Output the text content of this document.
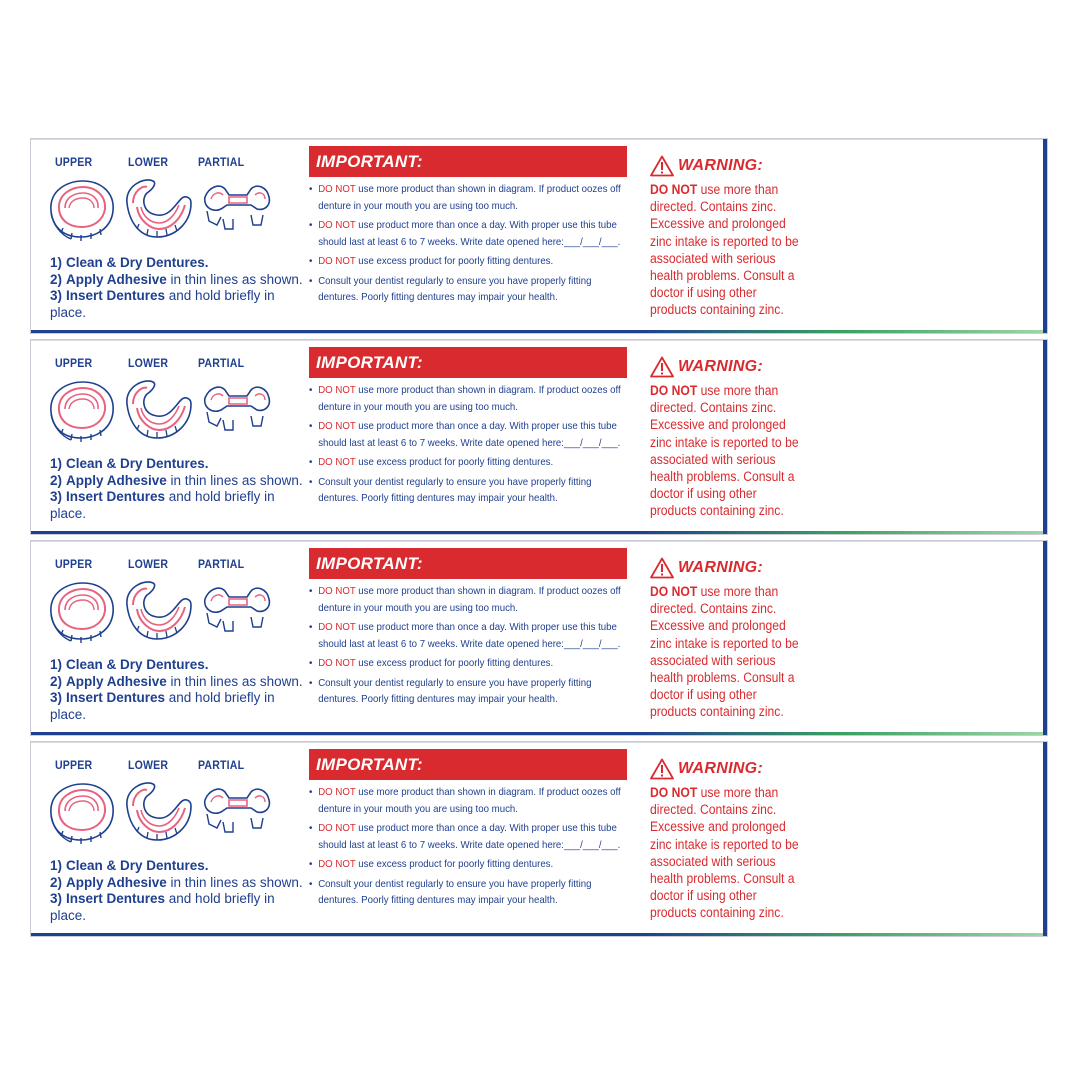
UPPER	LOWER PARTIAL
1) Clean & Dry Dentures.
2) Apply Adhesive in thin lines as shown.
3) Insert Dentures and hold briefly in
place.
IMPORTANT:
• DO NOT use more product than shown in diagram. If product oozes off denture in your mouth you are using too much.
• DO NOT use product more than once a day. With proper use this tube should last at least 6 to 7 weeks. Write date opened here:___/___/___.
• DO NOT use excess product for poorly fitting dentures.
• Consult your dentist regularly to ensure you have properly fitting dentures. Poorly fitting dentures may impair your health.
WARNING:
DO NOT use more than directed. Contains zinc. Excessive and prolonged zinc intake is reported to be associated with serious health problems. Consult a doctor if using other products containing zinc.
UPPER	LOWER PARTIAL
1) Clean & Dry Dentures.
2) Apply Adhesive in thin lines as shown.
3) Insert Dentures and hold briefly in
place.
IMPORTANT:
• DO NOT use more product than shown in diagram. If product oozes off denture in your mouth you are using too much.
• DO NOT use product more than once a day. With proper use this tube should last at least 6 to 7 weeks. Write date opened here:___/___/___.
• DO NOT use excess product for poorly fitting dentures.
• Consult your dentist regularly to ensure you have properly fitting dentures. Poorly fitting dentures may impair your health.
WARNING:
DO NOT use more than directed. Contains zinc. Excessive and prolonged zinc intake is reported to be associated with serious health problems. Consult a doctor if using other products containing zinc.
UPPER	LOWER PARTIAL
1) Clean & Dry Dentures.
2) Apply Adhesive in thin lines as shown.
3) Insert Dentures and hold briefly in
place.
IMPORTANT:
• DO NOT use more product than shown in diagram. If product oozes off denture in your mouth you are using too much.
• DO NOT use product more than once a day. With proper use this tube should last at least 6 to 7 weeks. Write date opened here:___/___/___.
• DO NOT use excess product for poorly fitting dentures.
• Consult your dentist regularly to ensure you have properly fitting dentures. Poorly fitting dentures may impair your health.
WARNING:
DO NOT use more than directed. Contains zinc. Excessive and prolonged zinc intake is reported to be associated with serious health problems. Consult a doctor if using other products containing zinc.
UPPER	LOWER PARTIAL
1) Clean & Dry Dentures.
2) Apply Adhesive in thin lines as shown.
3) Insert Dentures and hold briefly in
place.
IMPORTANT:
• DO NOT use more product than shown in diagram. If product oozes off denture in your mouth you are using too much.
• DO NOT use product more than once a day. With proper use this tube should last at least 6 to 7 weeks. Write date opened here:___/___/___.
• DO NOT use excess product for poorly fitting dentures.
• Consult your dentist regularly to ensure you have properly fitting dentures. Poorly fitting dentures may impair your health.
WARNING:
DO NOT use more than directed. Contains zinc. Excessive and prolonged zinc intake is reported to be associated with serious health problems. Consult a doctor if using other products containing zinc.
